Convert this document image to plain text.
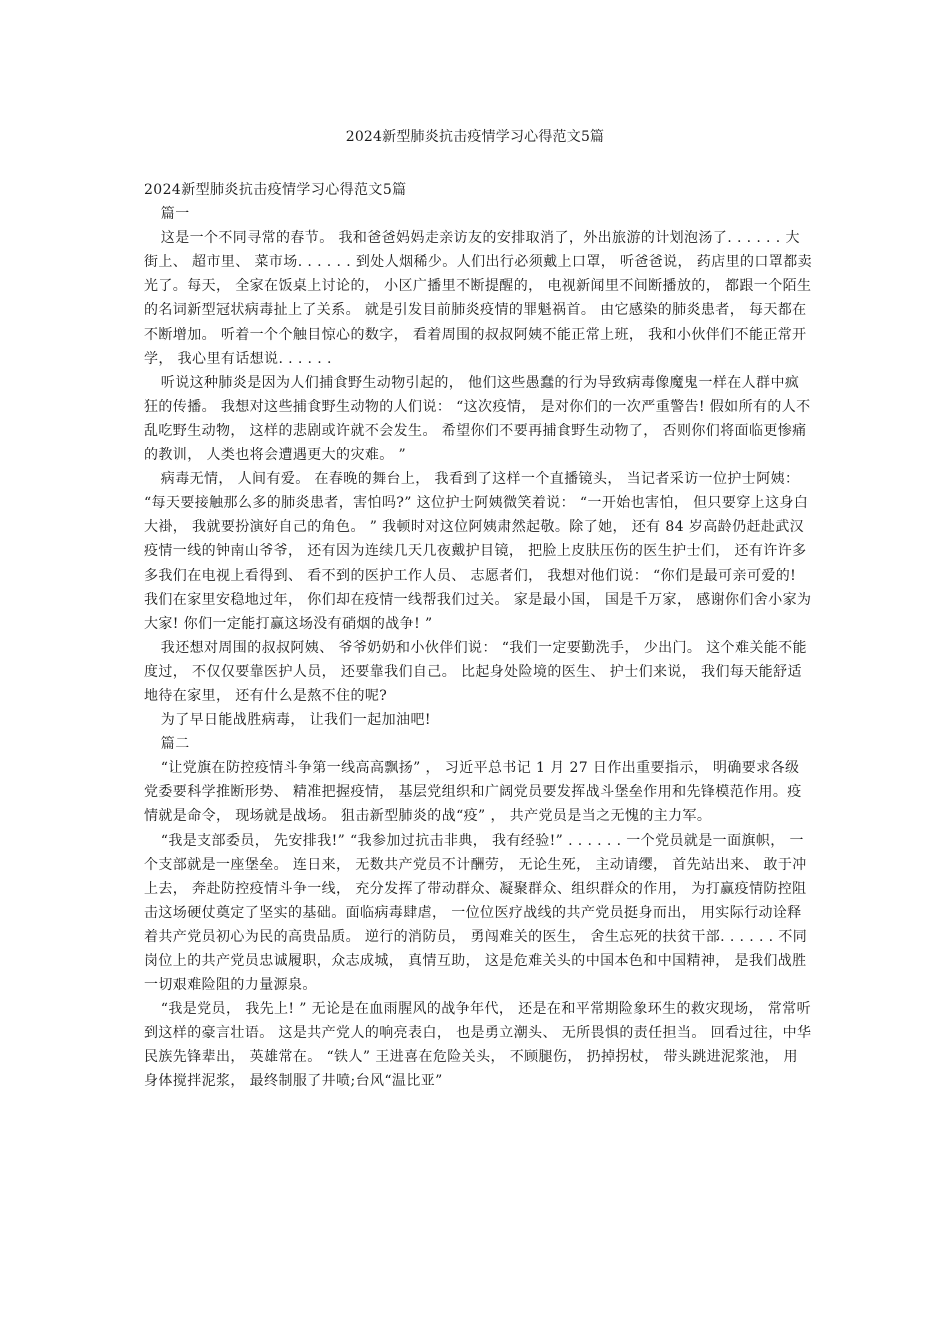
2024新型肺炎抗击疫情学习心得范文5篇

2024新型肺炎抗击疫情学习心得范文5篇

篇一

这是一个不同寻常的春节。 我和爸爸妈妈走亲访友的安排取消了，外出旅游的计划泡汤了. . . . . . 大街上、 超市里、 菜市场. . . . . . 到处人烟稀少。人们出行必须戴上口罩， 听爸爸说， 药店里的口罩都卖光了。每天， 全家在饭桌上讨论的， 小区广播里不断提醒的， 电视新闻里不间断播放的， 都跟一个陌生的名词新型冠状病毒扯上了关系。 就是引发目前肺炎疫情的罪魁祸首。 由它感染的肺炎患者， 每天都在不断增加。 听着一个个触目惊心的数字， 看着周围的叔叔阿姨不能正常上班， 我和小伙伴们不能正常开学， 我心里有话想说. . . . . .

听说这种肺炎是因为人们捕食野生动物引起的， 他们这些愚蠢的行为导致病毒像魔鬼一样在人群中疯狂的传播。 我想对这些捕食野生动物的人们说： “这次疫情， 是对你们的一次严重警告! 假如所有的人不乱吃野生动物， 这样的悲剧或许就不会发生。 希望你们不要再捕食野生动物了， 否则你们将面临更惨痛的教训， 人类也将会遭遇更大的灾难。 ”

病毒无情， 人间有爱。 在春晚的舞台上， 我看到了这样一个直播镜头， 当记者采访一位护士阿姨： “每天要接触那么多的肺炎患者，害怕吗?” 这位护士阿姨微笑着说： “一开始也害怕， 但只要穿上这身白大褂， 我就要扮演好自己的角色。 ” 我顿时对这位阿姨肃然起敬。除了她， 还有 84 岁高龄仍赶赴武汉疫情一线的钟南山爷爷， 还有因为连续几天几夜戴护目镜， 把脸上皮肤压伤的医生护士们， 还有许许多多我们在电视上看得到、 看不到的医护工作人员、 志愿者们， 我想对他们说： “你们是最可亲可爱的! 我们在家里安稳地过年， 你们却在疫情一线帮我们过关。 家是最小国， 国是千万家， 感谢你们舍小家为大家! 你们一定能打赢这场没有硝烟的战争! ”

我还想对周围的叔叔阿姨、 爷爷奶奶和小伙伴们说： “我们一定要勤洗手， 少出门。 这个难关能不能度过， 不仅仅要靠医护人员， 还要靠我们自己。 比起身处险境的医生、 护士们来说， 我们每天能舒适地待在家里， 还有什么是熬不住的呢?

为了早日能战胜病毒， 让我们一起加油吧!

篇二

“让党旗在防控疫情斗争第一线高高飘扬” ， 习近平总书记 1 月 27 日作出重要指示， 明确要求各级党委要科学推断形势、 精准把握疫情， 基层党组织和广阔党员要发挥战斗堡垒作用和先锋模范作用。疫情就是命令， 现场就是战场。 狙击新型肺炎的战“疫” ， 共产党员是当之无愧的主力军。

“我是支部委员， 先安排我!” “我参加过抗击非典， 我有经验!” . . . . . . 一个党员就是一面旗帜， 一个支部就是一座堡垒。 连日来， 无数共产党员不计酬劳， 无论生死， 主动请缨， 首先站出来、 敢于冲上去， 奔赴防控疫情斗争一线， 充分发挥了带动群众、凝聚群众、组织群众的作用， 为打赢疫情防控阻击这场硬仗奠定了坚实的基础。面临病毒肆虐， 一位位医疗战线的共产党员挺身而出， 用实际行动诠释着共产党员初心为民的高贵品质。 逆行的消防员， 勇闯难关的医生， 舍生忘死的扶贫干部. . . . . . 不同岗位上的共产党员忠诚履职，众志成城， 真情互助， 这是危难关头的中国本色和中国精神， 是我们战胜一切艰难险阻的力量源泉。

“我是党员， 我先上! ” 无论是在血雨腥风的战争年代， 还是在和平常期险象环生的救灾现场， 常常听到这样的豪言壮语。 这是共产党人的响亮表白， 也是勇立潮头、 无所畏惧的责任担当。 回看过往，中华民族先锋辈出， 英雄常在。 “铁人” 王进喜在危险关头， 不顾腿伤， 扔掉拐杖， 带头跳进泥浆池， 用身体搅拌泥浆， 最终制服了井喷;台风“温比亚”
